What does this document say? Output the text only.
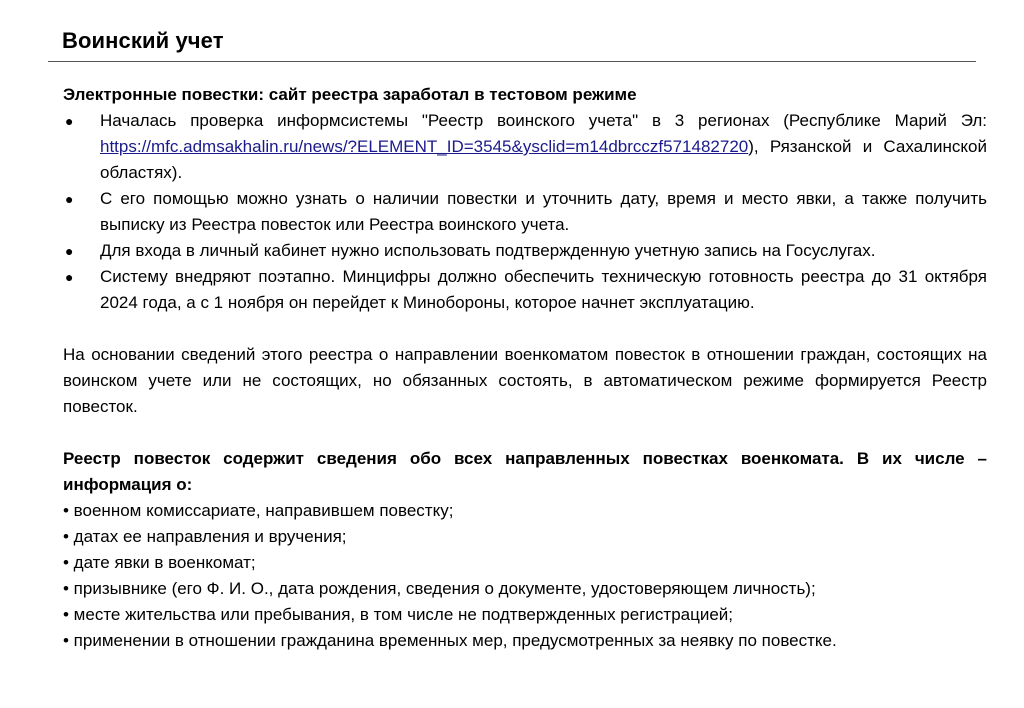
Воинский учет

Электронные повестки: сайт реестра заработал в тестовом режиме

● Началась проверка информсистемы "Реестр воинского учета" в 3 регионах (Республике Марий Эл: https://mfc.admsakhalin.ru/news/?ELEMENT_ID=3545&ysclid=m14dbrcczf571482720), Рязанской и Сахалинской областях).
● С его помощью можно узнать о наличии повестки и уточнить дату, время и место явки, а также получить выписку из Реестра повесток или Реестра воинского учета.
● Для входа в личный кабинет нужно использовать подтвержденную учетную запись на Госуслугах.
● Систему внедряют поэтапно. Минцифры должно обеспечить техническую готовность реестра до 31 октября 2024 года, а с 1 ноября он перейдет к Минобороны, которое начнет эксплуатацию.

На основании сведений этого реестра о направлении военкоматом повесток в отношении граждан, состоящих на воинском учете или не состоящих, но обязанных состоять, в автоматическом режиме формируется Реестр повесток.

Реестр повесток содержит сведения обо всех направленных повестках военкомата. В их числе – информация о:

• военном комиссариате, направившем повестку;
• датах ее направления и вручения;
• дате явки в военкомат;
• призывнике (его Ф. И. О., дата рождения, сведения о документе, удостоверяющем личность);
• месте жительства или пребывания, в том числе не подтвержденных регистрацией;
• применении в отношении гражданина временных мер, предусмотренных за неявку по повестке.
